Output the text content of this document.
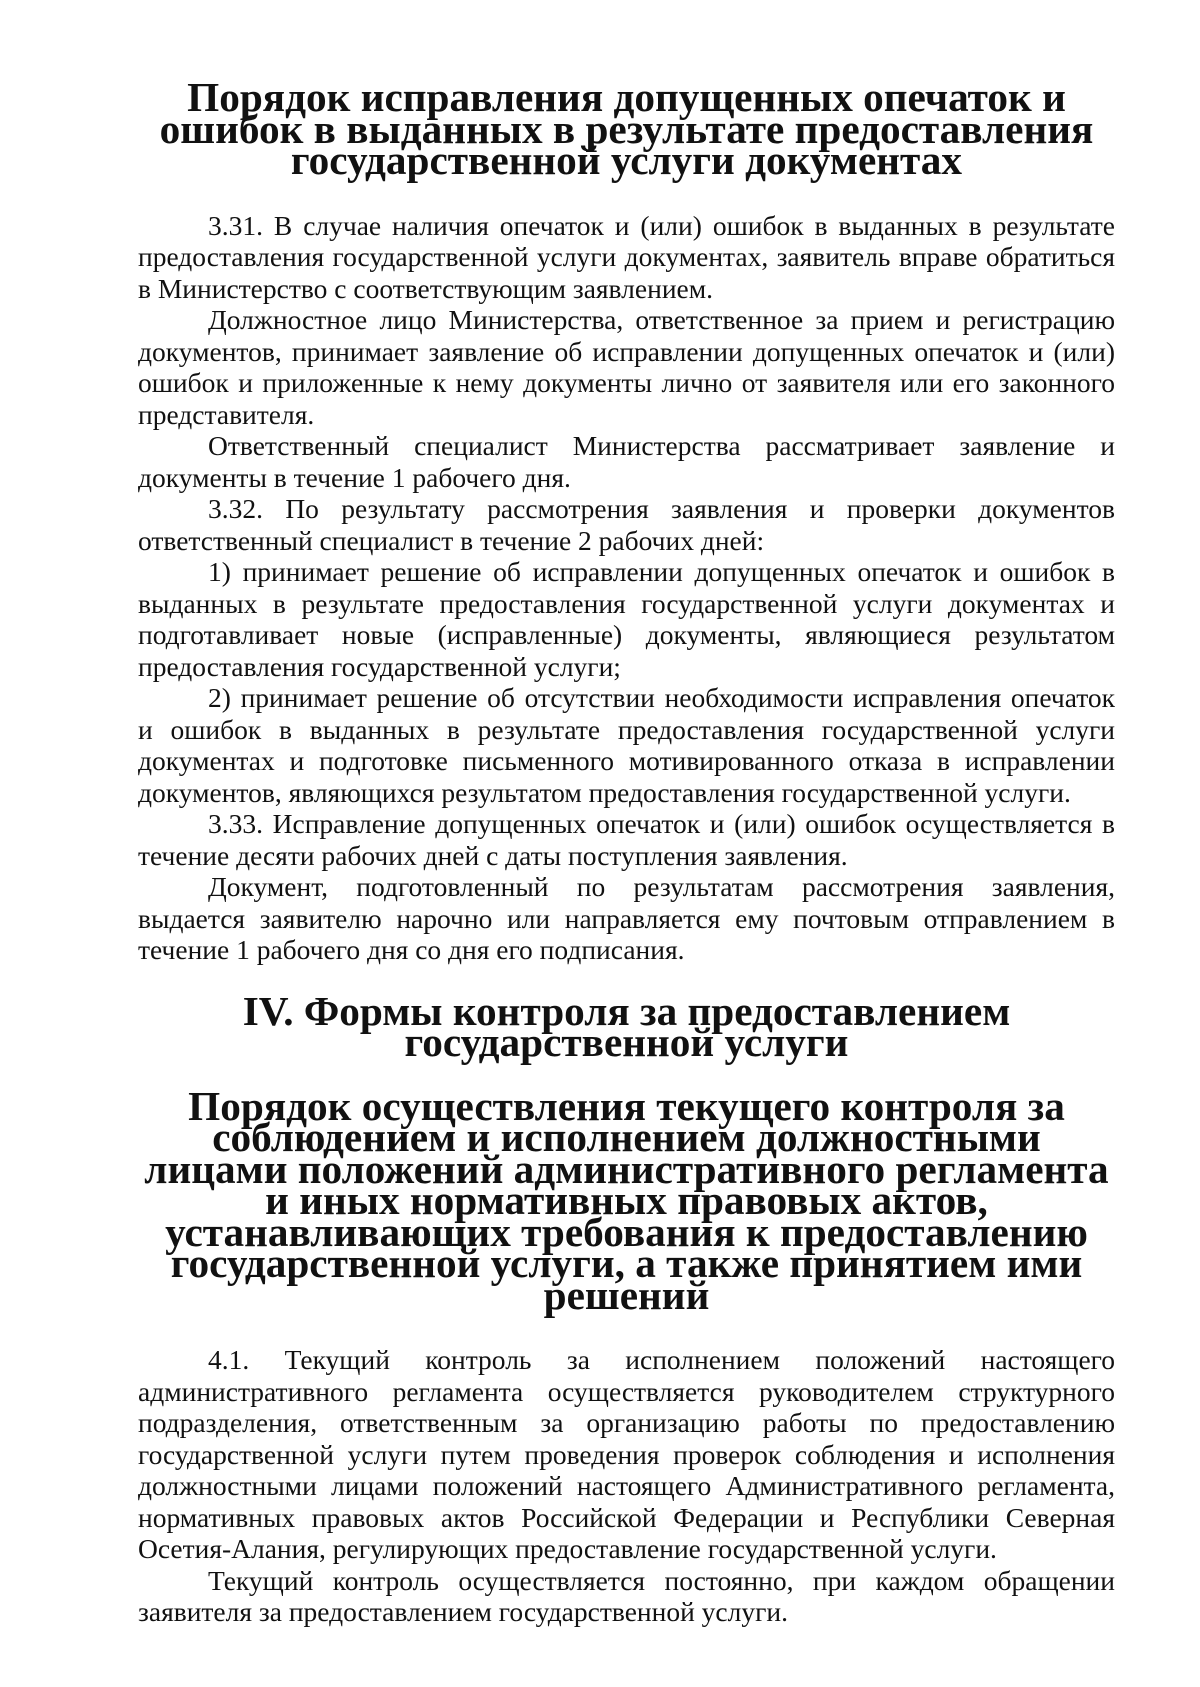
Порядок исправления допущенных опечаток и ошибок в выданных в результате предоставления государственной услуги документах

3.31. В случае наличия опечаток и (или) ошибок в выданных в результате предоставления государственной услуги документах, заявитель вправе обратиться в Министерство с соответствующим заявлением.

Должностное лицо Министерства, ответственное за прием и регистрацию документов, принимает заявление об исправлении допущенных опечаток и (или) ошибок и приложенные к нему документы лично от заявителя или его законного представителя.

Ответственный специалист Министерства рассматривает заявление и документы в течение 1 рабочего дня.

3.32. По результату рассмотрения заявления и проверки документов ответственный специалист в течение 2 рабочих дней:

1) принимает решение об исправлении допущенных опечаток и ошибок в выданных в результате предоставления государственной услуги документах и подготавливает новые (исправленные) документы, являющиеся результатом предоставления государственной услуги;

2) принимает решение об отсутствии необходимости исправления опечаток и ошибок в выданных в результате предоставления государственной услуги документах и подготовке письменного мотивированного отказа в исправлении документов, являющихся результатом предоставления государственной услуги.

3.33. Исправление допущенных опечаток и (или) ошибок осуществляется в течение десяти рабочих дней с даты поступления заявления.

Документ, подготовленный по результатам рассмотрения заявления, выдается заявителю нарочно или направляется ему почтовым отправлением в течение 1 рабочего дня со дня его подписания.

IV. Формы контроля за предоставлением государственной услуги
Порядок осуществления текущего контроля за соблюдением и исполнением должностными лицами положений административного регламента и иных нормативных правовых актов, устанавливающих требования к предоставлению государственной услуги, а также принятием ими решений

4.1. Текущий контроль за исполнением положений настоящего административного регламента осуществляется руководителем структурного подразделения, ответственным за организацию работы по предоставлению государственной услуги путем проведения проверок соблюдения и исполнения должностными лицами положений настоящего Административного регламента, нормативных правовых актов Российской Федерации и Республики Северная Осетия-Алания, регулирующих предоставление государственной услуги.

Текущий контроль осуществляется постоянно, при каждом обращении заявителя за предоставлением государственной услуги.
